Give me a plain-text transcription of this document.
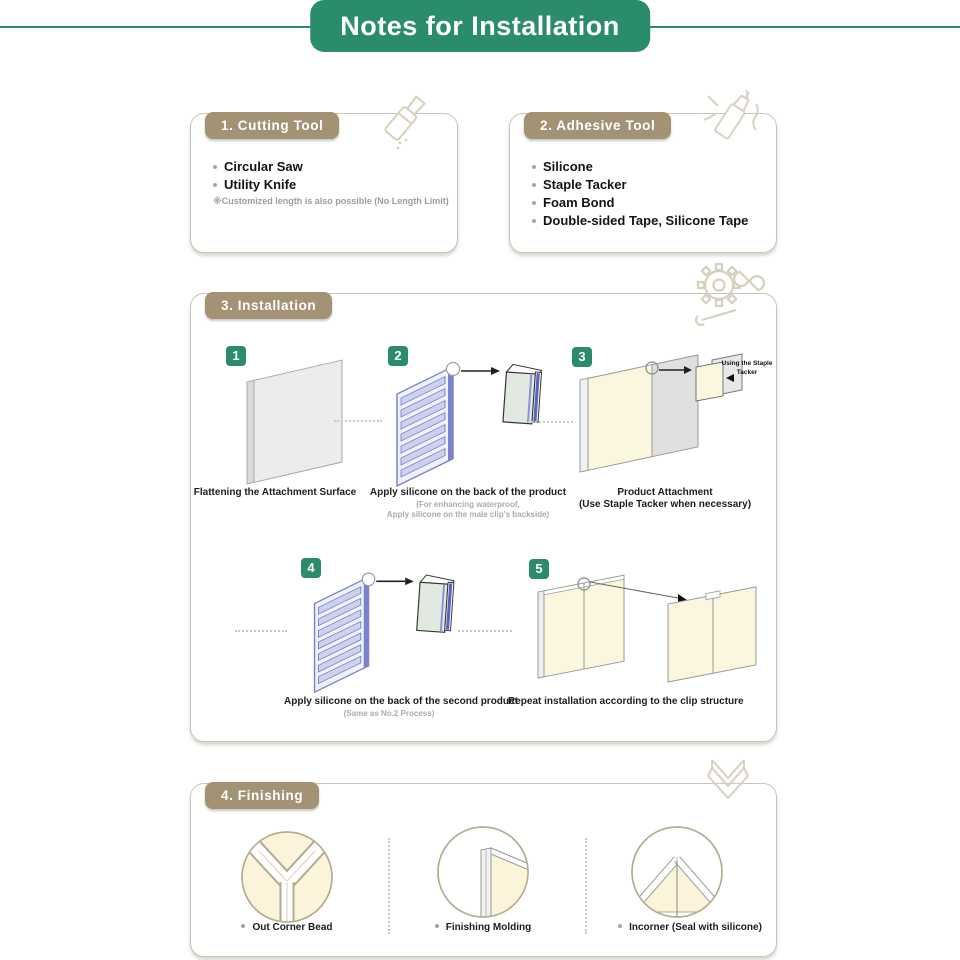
Notes for Installation
1. Cutting Tool
Circular Saw
Utility Knife
※Customized length is also possible (No Length Limit)
2. Adhesive Tool
Silicone
Staple Tacker
Foam Bond
Double-sided Tape, Silicone Tape
3. Installation
1	2	3
4	5
Using the Staple Tacker
Flattening the Attachment Surface	Apply silicone on the back of the product
(For enhancing waterproof,
Apply silicone on the male clip's backside)
Product Attachment
(Use Staple Tacker when necessary)
Apply silicone on the back of the second product
(Same as No.2 Process)
Repeat installation according to the clip structure
4. Finishing
Out Corner Bead	Finishing Molding	Incorner (Seal with silicone)
